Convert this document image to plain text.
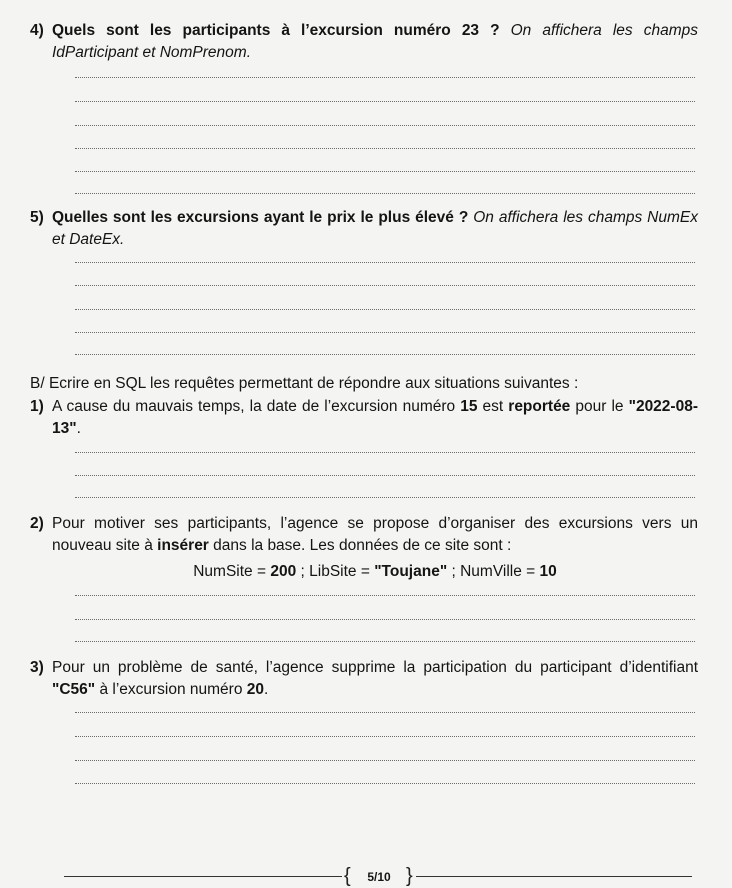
4) Quels sont les participants à l’excursion numéro 23 ? On affichera les champs IdParticipant et NomPrenom.
5) Quelles sont les excursions ayant le prix le plus élevé ? On affichera les champs NumEx et DateEx.
B/ Ecrire en SQL les requêtes permettant de répondre aux situations suivantes :
1) A cause du mauvais temps, la date de l’excursion numéro 15 est reportée pour le "2022-08-13".
2) Pour motiver ses participants, l’agence se propose d’organiser des excursions vers un nouveau site à insérer dans la base. Les données de ce site sont :
NumSite = 200 ; LibSite = "Toujane" ; NumVille = 10
3) Pour un problème de santé, l’agence supprime la participation du participant d’identifiant "C56" à l’excursion numéro 20.
{	5/10 }
